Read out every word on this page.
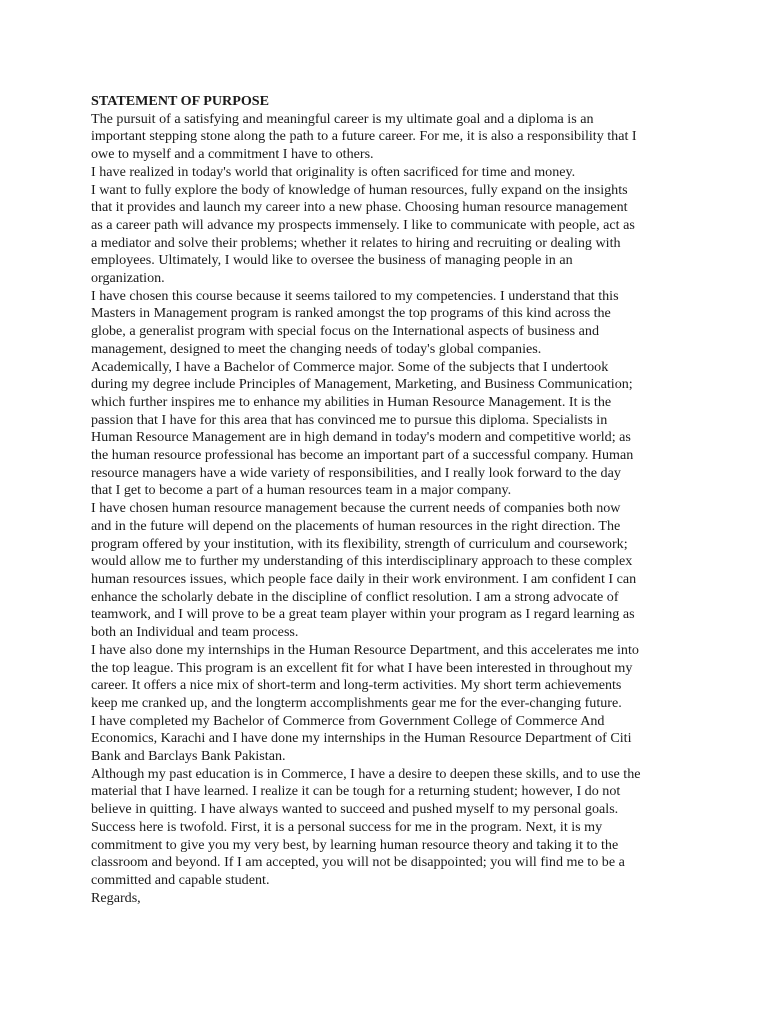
STATEMENT OF PURPOSE
The pursuit of a satisfying and meaningful career is my ultimate goal and a diploma is an
important stepping stone along the path to a future career. For me, it is also a responsibility that I
owe to myself and a commitment I have to others.
I have realized in today's world that originality is often sacrificed for time and money.
I want to fully explore the body of knowledge of human resources, fully expand on the insights
that it provides and launch my career into a new phase. Choosing human resource management
as a career path will advance my prospects immensely. I like to communicate with people, act as
a mediator and solve their problems; whether it relates to hiring and recruiting or dealing with
employees. Ultimately, I would like to oversee the business of managing people in an
organization.
I have chosen this course because it seems tailored to my competencies. I understand that this
Masters in Management program is ranked amongst the top programs of this kind across the
globe, a generalist program with special focus on the International aspects of business and
management, designed to meet the changing needs of today's global companies.
Academically, I have a Bachelor of Commerce major. Some of the subjects that I undertook
during my degree include Principles of Management, Marketing, and Business Communication;
which further inspires me to enhance my abilities in Human Resource Management. It is the
passion that I have for this area that has convinced me to pursue this diploma. Specialists in
Human Resource Management are in high demand in today's modern and competitive world; as
the human resource professional has become an important part of a successful company. Human
resource managers have a wide variety of responsibilities, and I really look forward to the day
that I get to become a part of a human resources team in a major company.
I have chosen human resource management because the current needs of companies both now
and in the future will depend on the placements of human resources in the right direction. The
program offered by your institution, with its flexibility, strength of curriculum and coursework;
would allow me to further my understanding of this interdisciplinary approach to these complex
human resources issues, which people face daily in their work environment. I am confident I can
enhance the scholarly debate in the discipline of conflict resolution. I am a strong advocate of
teamwork, and I will prove to be a great team player within your program as I regard learning as
both an Individual and team process.
I have also done my internships in the Human Resource Department, and this accelerates me into
the top league. This program is an excellent fit for what I have been interested in throughout my
career. It offers a nice mix of short-term and long-term activities. My short term achievements
keep me cranked up, and the longterm accomplishments gear me for the ever-changing future.
I have completed my Bachelor of Commerce from Government College of Commerce And
Economics, Karachi and I have done my internships in the Human Resource Department of Citi
Bank and Barclays Bank Pakistan.
Although my past education is in Commerce, I have a desire to deepen these skills, and to use the
material that I have learned. I realize it can be tough for a returning student; however, I do not
believe in quitting. I have always wanted to succeed and pushed myself to my personal goals.
Success here is twofold. First, it is a personal success for me in the program. Next, it is my
commitment to give you my very best, by learning human resource theory and taking it to the
classroom and beyond. If I am accepted, you will not be disappointed; you will find me to be a
committed and capable student.
Regards,
